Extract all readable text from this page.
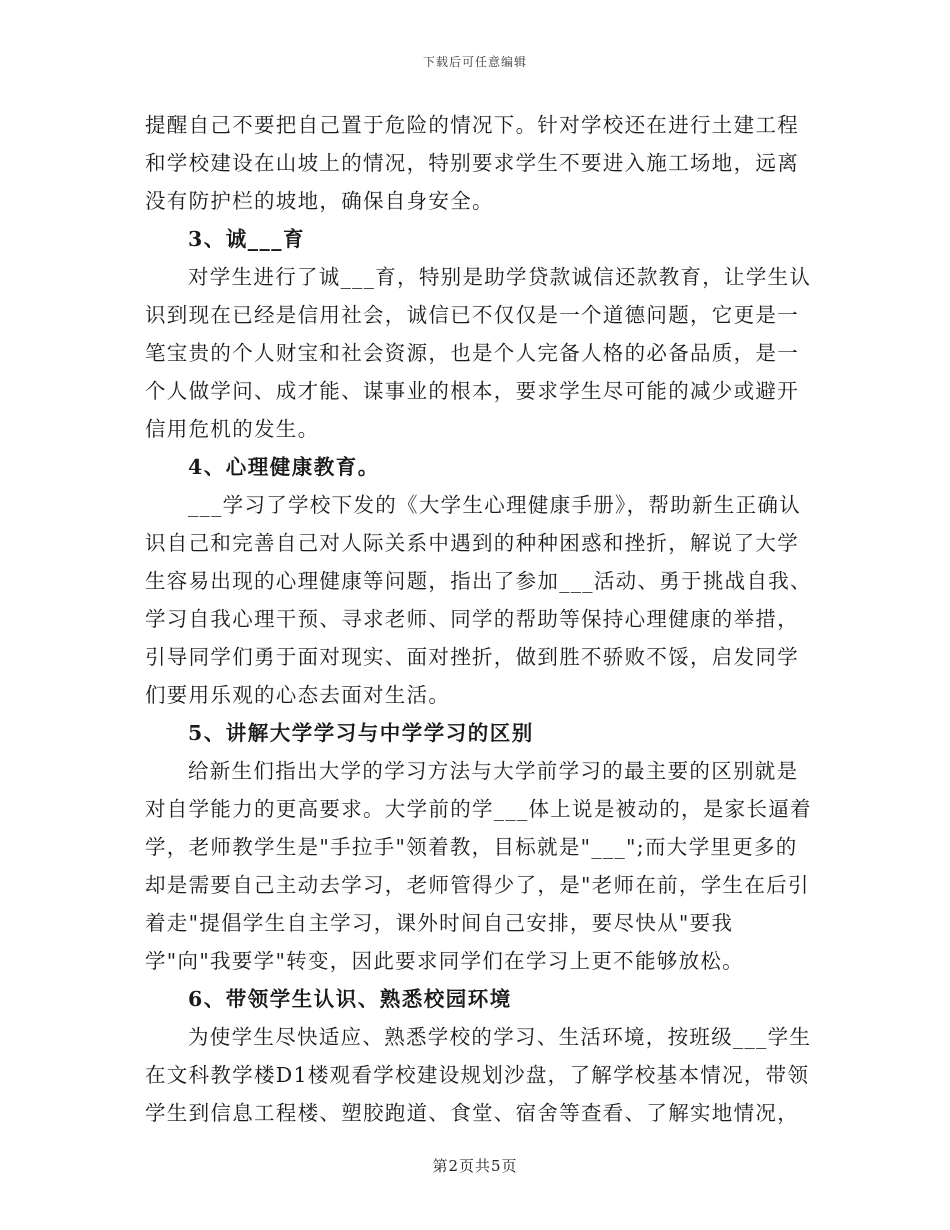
下载后可任意编辑
提醒自己不要把自己置于危险的情况下。针对学校还在进行土建工程
和学校建设在山坡上的情况，特别要求学生不要进入施工场地，远离
没有防护栏的坡地，确保自身安全。
3、诚___育
对学生进行了诚___育，特别是助学贷款诚信还款教育，让学生认
识到现在已经是信用社会，诚信已不仅仅是一个道德问题，它更是一
笔宝贵的个人财宝和社会资源，也是个人完备人格的必备品质，是一
个人做学问、成才能、谋事业的根本，要求学生尽可能的减少或避开
信用危机的发生。
4、心理健康教育。
___学习了学校下发的《大学生心理健康手册》，帮助新生正确认
识自己和完善自己对人际关系中遇到的种种困惑和挫折，解说了大学
生容易出现的心理健康等问题，指出了参加___活动、勇于挑战自我、
学习自我心理干预、寻求老师、同学的帮助等保持心理健康的举措，
引导同学们勇于面对现实、面对挫折，做到胜不骄败不馁，启发同学
们要用乐观的心态去面对生活。
5、讲解大学学习与中学学习的区别
给新生们指出大学的学习方法与大学前学习的最主要的区别就是
对自学能力的更高要求。大学前的学___体上说是被动的，是家长逼着
学，老师教学生是"手拉手"领着教，目标就是"___";而大学里更多的
却是需要自己主动去学习，老师管得少了，是"老师在前，学生在后引
着走"提倡学生自主学习，课外时间自己安排，要尽快从"要我
学"向"我要学"转变，因此要求同学们在学习上更不能够放松。
6、带领学生认识、熟悉校园环境
为使学生尽快适应、熟悉学校的学习、生活环境，按班级___学生
在文科教学楼D1楼观看学校建设规划沙盘，了解学校基本情况，带领
学生到信息工程楼、塑胶跑道、食堂、宿舍等查看、了解实地情况，
第2页共5页
